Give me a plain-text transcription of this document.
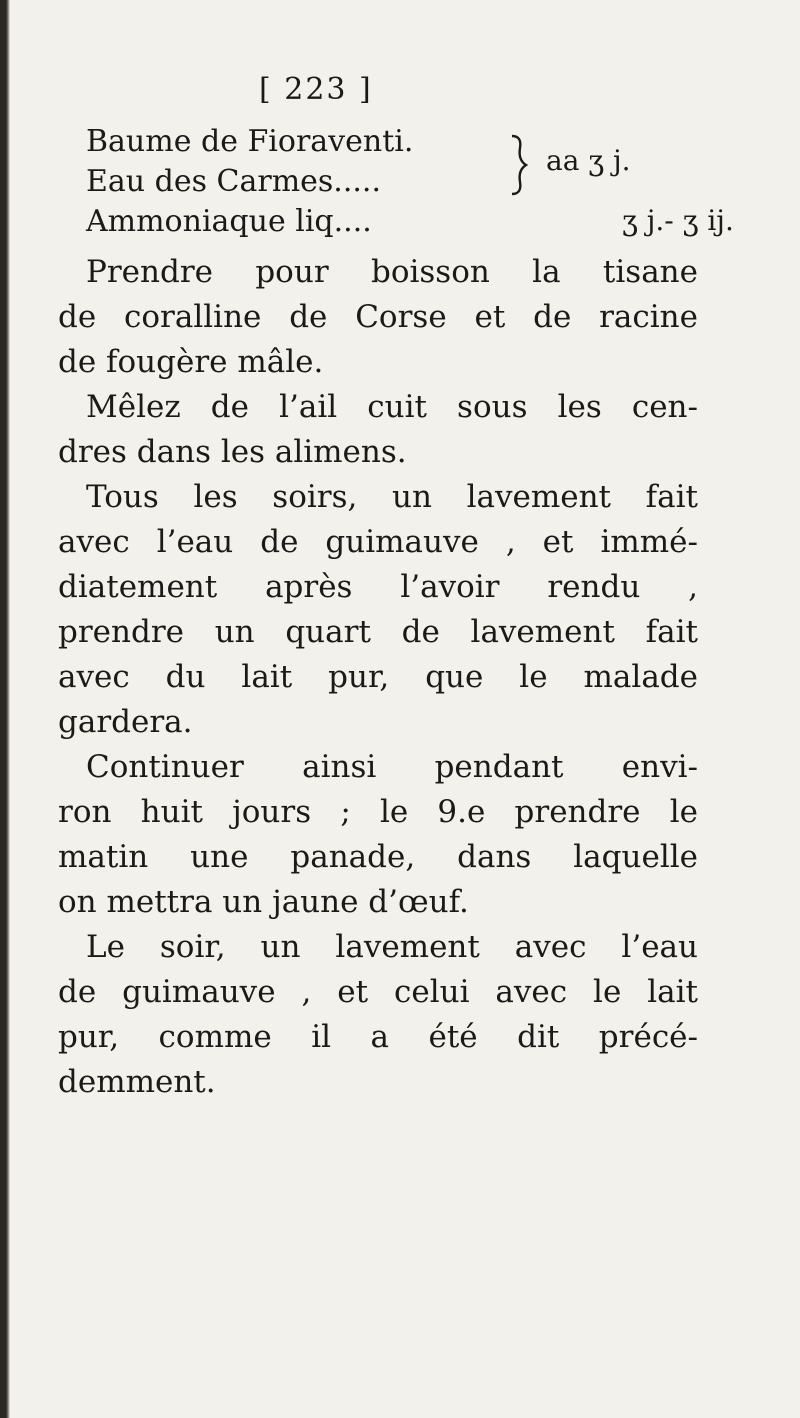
[ 223 ]
Baume de Fioraventi.
Eau des Carmes.....
aa ʒ j.
Ammoniaque liq....	ʒ j.- ʒ ij.
Prendre pour boisson la tisane
de coralline de Corse et de racine
de fougère mâle.
Mêlez de l’ail cuit sous les cen-
dres dans les alimens.
Tous les soirs, un lavement fait
avec l’eau de guimauve , et immé-
diatement après l’avoir rendu ,
prendre un quart de lavement fait
avec du lait pur, que le malade
gardera.
Continuer ainsi pendant envi-
ron huit jours ; le 9.e prendre le
matin une panade, dans laquelle
on mettra un jaune d’œuf.
Le soir, un lavement avec l’eau
de guimauve , et celui avec le lait
pur, comme il a été dit précé-
demment.
